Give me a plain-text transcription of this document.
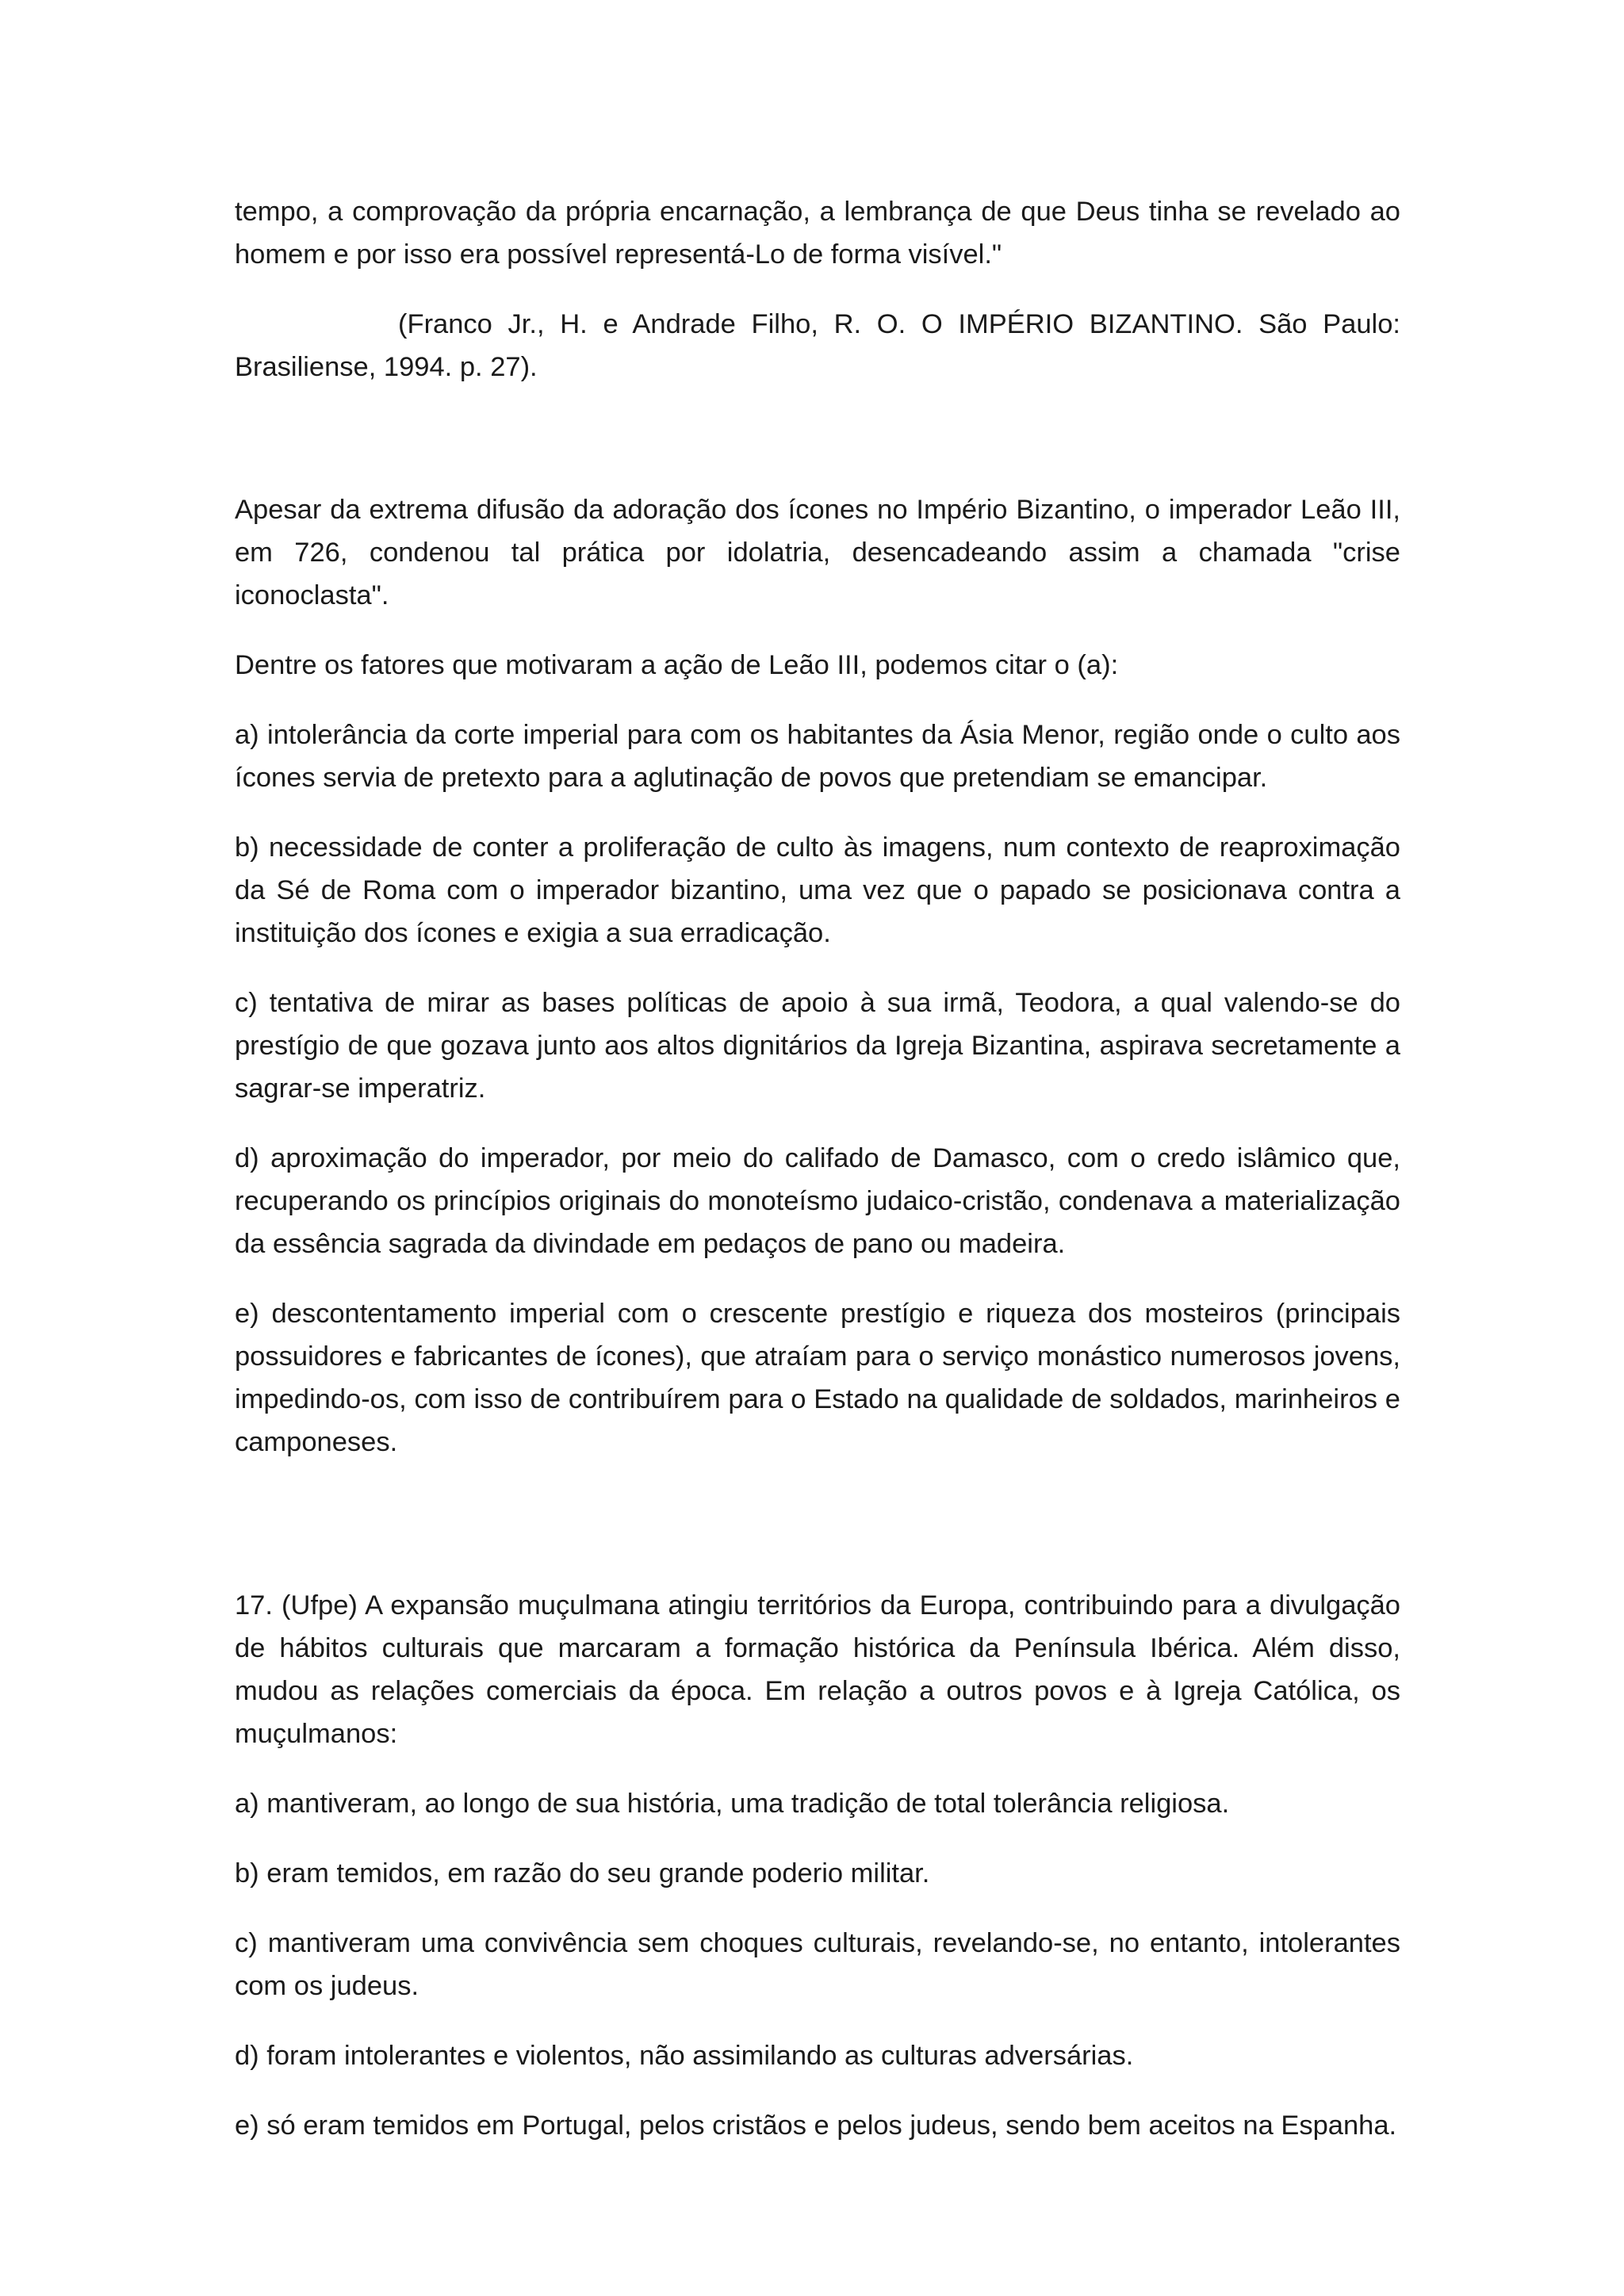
tempo, a comprovação da própria encarnação, a lembrança de que Deus tinha se revelado ao homem e por isso era possível representá-Lo de forma visível."

(Franco Jr., H. e Andrade Filho, R. O. O IMPÉRIO BIZANTINO. São Paulo: Brasiliense, 1994. p. 27).

Apesar da extrema difusão da adoração dos ícones no Império Bizantino, o imperador Leão III, em 726, condenou tal prática por idolatria, desencadeando assim a chamada "crise iconoclasta".

Dentre os fatores que motivaram a ação de Leão III, podemos citar o (a):

a) intolerância da corte imperial para com os habitantes da Ásia Menor, região onde o culto aos ícones servia de pretexto para a aglutinação de povos que pretendiam se emancipar.

b) necessidade de conter a proliferação de culto às imagens, num contexto de reaproximação da Sé de Roma com o imperador bizantino, uma vez que o papado se posicionava contra a instituição dos ícones e exigia a sua erradicação.

c) tentativa de mirar as bases políticas de apoio à sua irmã, Teodora, a qual valendo-se do prestígio de que gozava junto aos altos dignitários da Igreja Bizantina, aspirava secretamente a sagrar-se imperatriz.

d) aproximação do imperador, por meio do califado de Damasco, com o credo islâmico que, recuperando os princípios originais do monoteísmo judaico-cristão, condenava a materialização da essência sagrada da divindade em pedaços de pano ou madeira.

e) descontentamento imperial com o crescente prestígio e riqueza dos mosteiros (principais possuidores e fabricantes de ícones), que atraíam para o serviço monástico numerosos jovens, impedindo-os, com isso de contribuírem para o Estado na qualidade de soldados, marinheiros e camponeses.

17. (Ufpe) A expansão muçulmana atingiu territórios da Europa, contribuindo para a divulgação de hábitos culturais que marcaram a formação histórica da Península Ibérica. Além disso, mudou as relações comerciais da época. Em relação a outros povos e à Igreja Católica, os muçulmanos:

a) mantiveram, ao longo de sua história, uma tradição de total tolerância religiosa.

b) eram temidos, em razão do seu grande poderio militar.

c) mantiveram uma convivência sem choques culturais, revelando-se, no entanto, intolerantes com os judeus.

d) foram intolerantes e violentos, não assimilando as culturas adversárias.

e) só eram temidos em Portugal, pelos cristãos e pelos judeus, sendo bem aceitos na Espanha.
